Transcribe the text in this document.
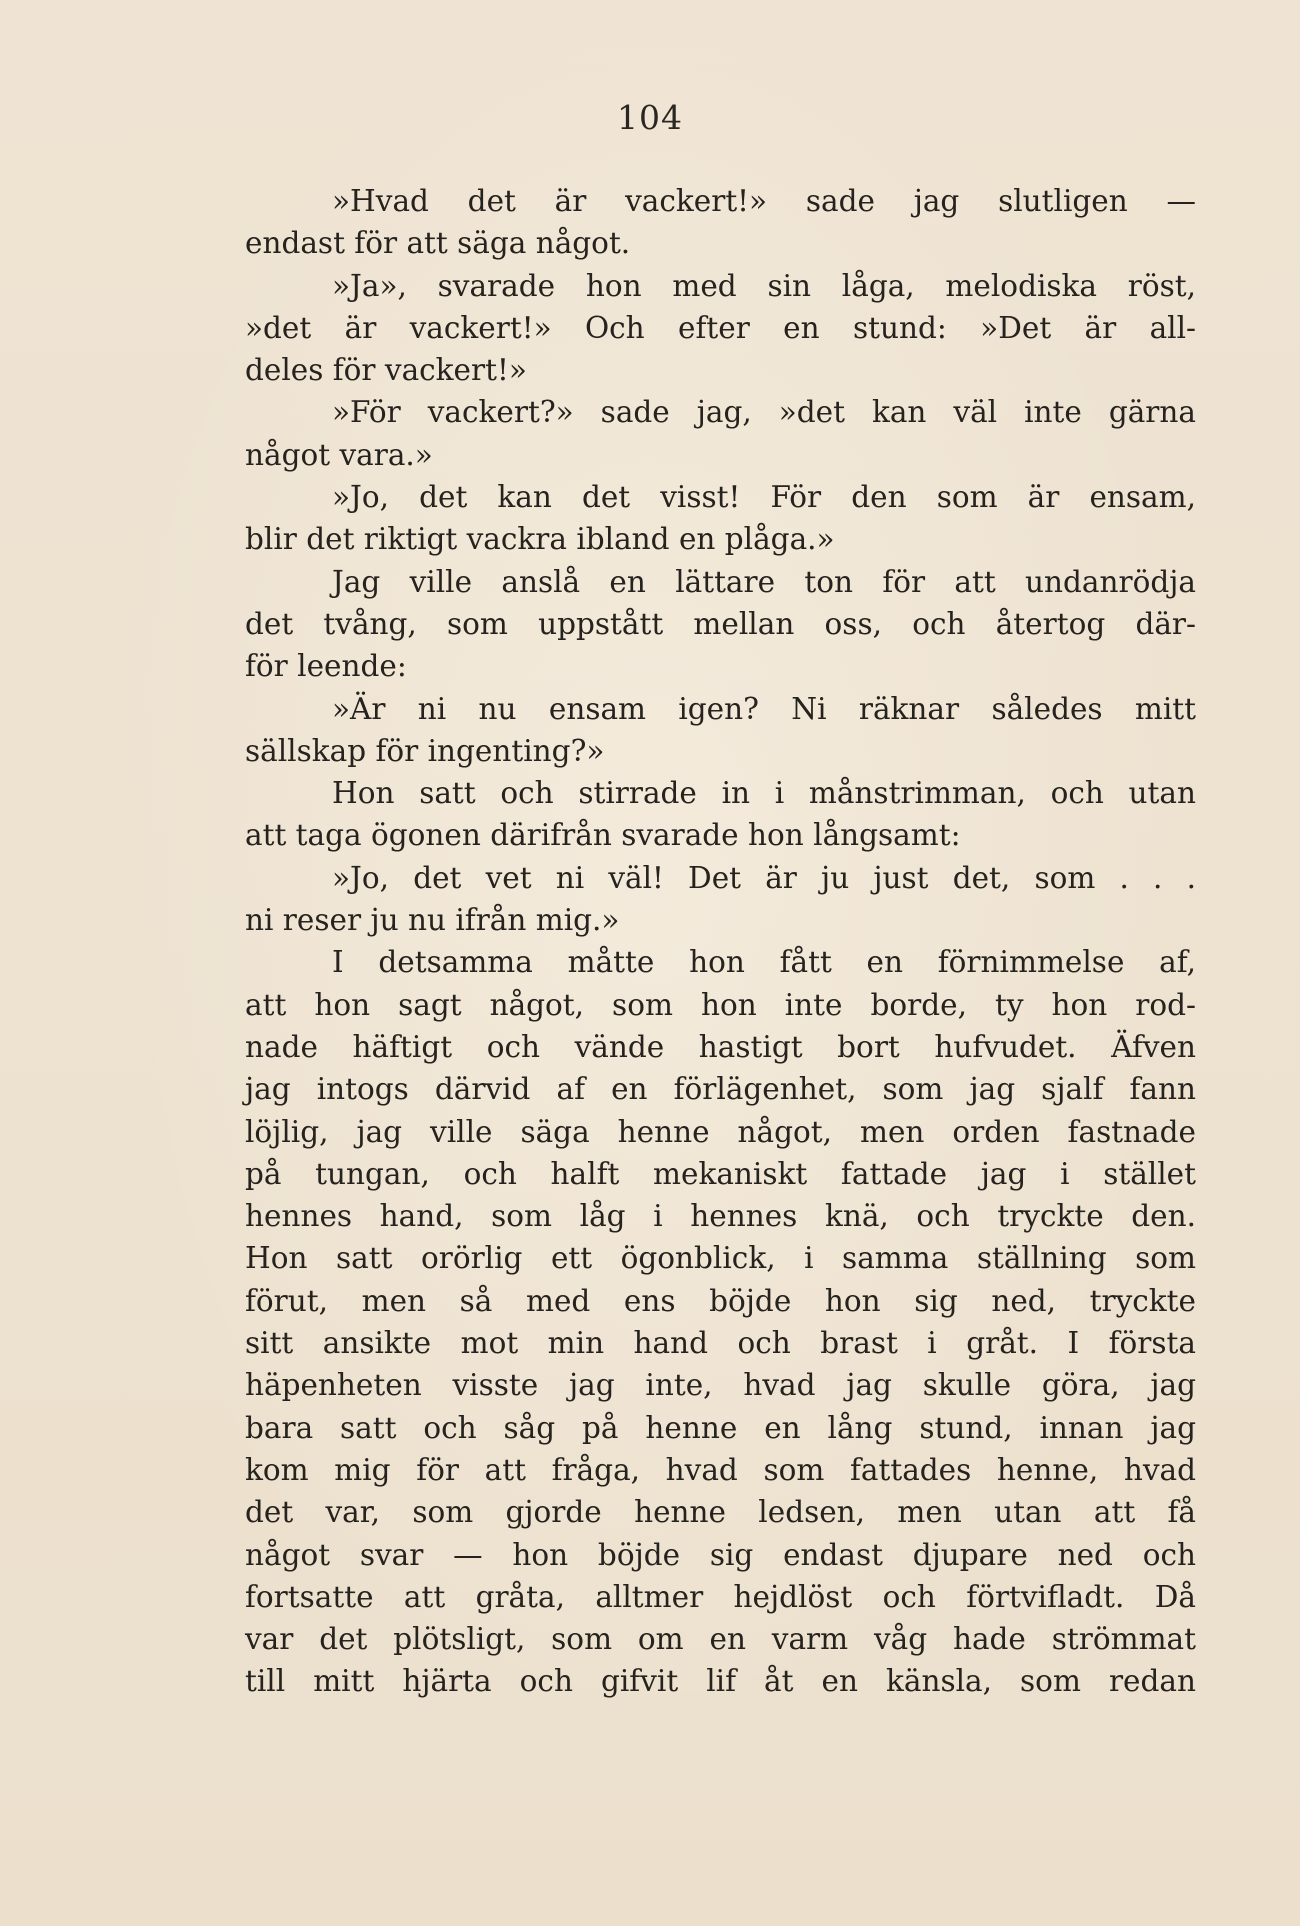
104
»Hvad det är vackert!» sade jag slutligen —
endast för att säga något.
»Ja», svarade hon med sin låga, melodiska röst,
»det är vackert!» Och efter en stund: »Det är all-
deles för vackert!»
»För vackert?» sade jag, »det kan väl inte gärna
något vara.»
»Jo, det kan det visst! För den som är ensam,
blir det riktigt vackra ibland en plåga.»
Jag ville anslå en lättare ton för att undanrödja
det tvång, som uppstått mellan oss, och återtog där-
för leende:
»Är ni nu ensam igen? Ni räknar således mitt
sällskap för ingenting?»
Hon satt och stirrade in i månstrimman, och utan
att taga ögonen därifrån svarade hon långsamt:
»Jo, det vet ni väl! Det är ju just det, som . . .
ni reser ju nu ifrån mig.»
I detsamma måtte hon fått en förnimmelse af,
att hon sagt något, som hon inte borde, ty hon rod-
nade häftigt och vände hastigt bort hufvudet. Äfven
jag intogs därvid af en förlägenhet, som jag sjalf fann
löjlig, jag ville säga henne något, men orden fastnade
på tungan, och halft mekaniskt fattade jag i stället
hennes hand, som låg i hennes knä, och tryckte den.
Hon satt orörlig ett ögonblick, i samma ställning som
förut, men så med ens böjde hon sig ned, tryckte
sitt ansikte mot min hand och brast i gråt. I första
häpenheten visste jag inte, hvad jag skulle göra, jag
bara satt och såg på henne en lång stund, innan jag
kom mig för att fråga, hvad som fattades henne, hvad
det var, som gjorde henne ledsen, men utan att få
något svar — hon böjde sig endast djupare ned och
fortsatte att gråta, alltmer hejdlöst och förtvifladt. Då
var det plötsligt, som om en varm våg hade strömmat
till mitt hjärta och gifvit lif åt en känsla, som redan
